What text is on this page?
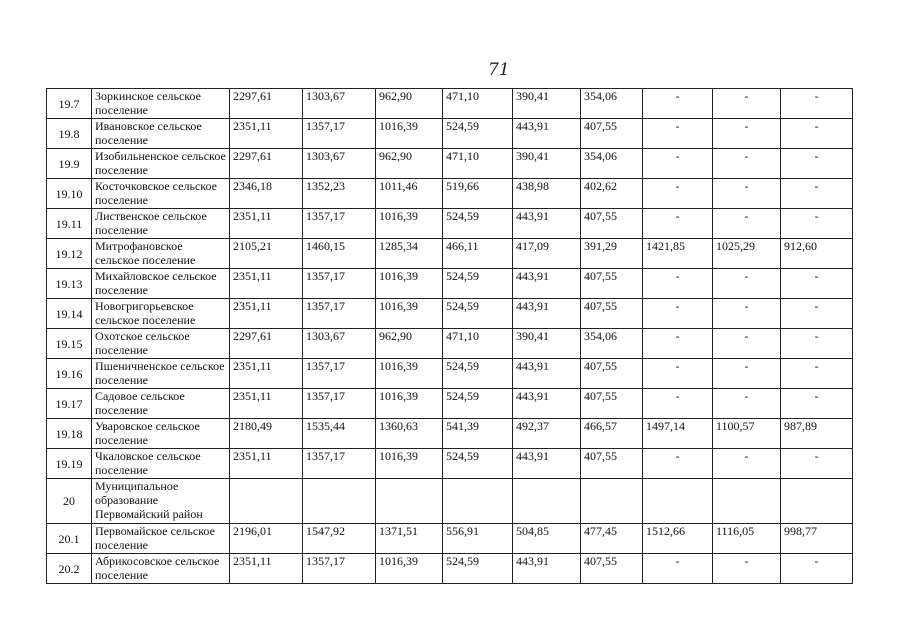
71
19.7	Зоркинское сельское поселение	2297,61	1303,67	962,90	471,10	390,41	354,06	-	-	-
19.8	Ивановское сельское поселение	2351,11	1357,17	1016,39	524,59	443,91	407,55	-	-	-
19.9	Изобильненское сельское поселение	2297,61	1303,67	962,90	471,10	390,41	354,06	-	-	-
19.10	Косточковское сельское поселение	2346,18	1352,23	1011,46	519,66	438,98	402,62	-	-	-
19.11	Лиственское сельское поселение	2351,11	1357,17	1016,39	524,59	443,91	407,55	-	-	-
19.12	Митрофановское сельское поселение	2105,21	1460,15	1285,34	466,11	417,09	391,29	1421,85	1025,29	912,60
19.13	Михайловское сельское поселение	2351,11	1357,17	1016,39	524,59	443,91	407,55	-	-	-
19.14	Новогригорьевское сельское поселение	2351,11	1357,17	1016,39	524,59	443,91	407,55	-	-	-
19.15	Охотское сельское поселение	2297,61	1303,67	962,90	471,10	390,41	354,06	-	-	-
19.16	Пшеничненское сельское поселение	2351,11	1357,17	1016,39	524,59	443,91	407,55	-	-	-
19.17	Садовое сельское поселение	2351,11	1357,17	1016,39	524,59	443,91	407,55	-	-	-
19.18	Уваровское сельское поселение	2180,49	1535,44	1360,63	541,39	492,37	466,57	1497,14	1100,57	987,89
19.19	Чкаловское сельское поселение	2351,11	1357,17	1016,39	524,59	443,91	407,55	-	-	-
20	Муниципальное образование Первомайский район									
20.1	Первомайское сельское поселение	2196,01	1547,92	1371,51	556,91	504,85	477,45	1512,66	1116,05	998,77
20.2	Абрикосовское сельское поселение	2351,11	1357,17	1016,39	524,59	443,91	407,55	-	-	-
